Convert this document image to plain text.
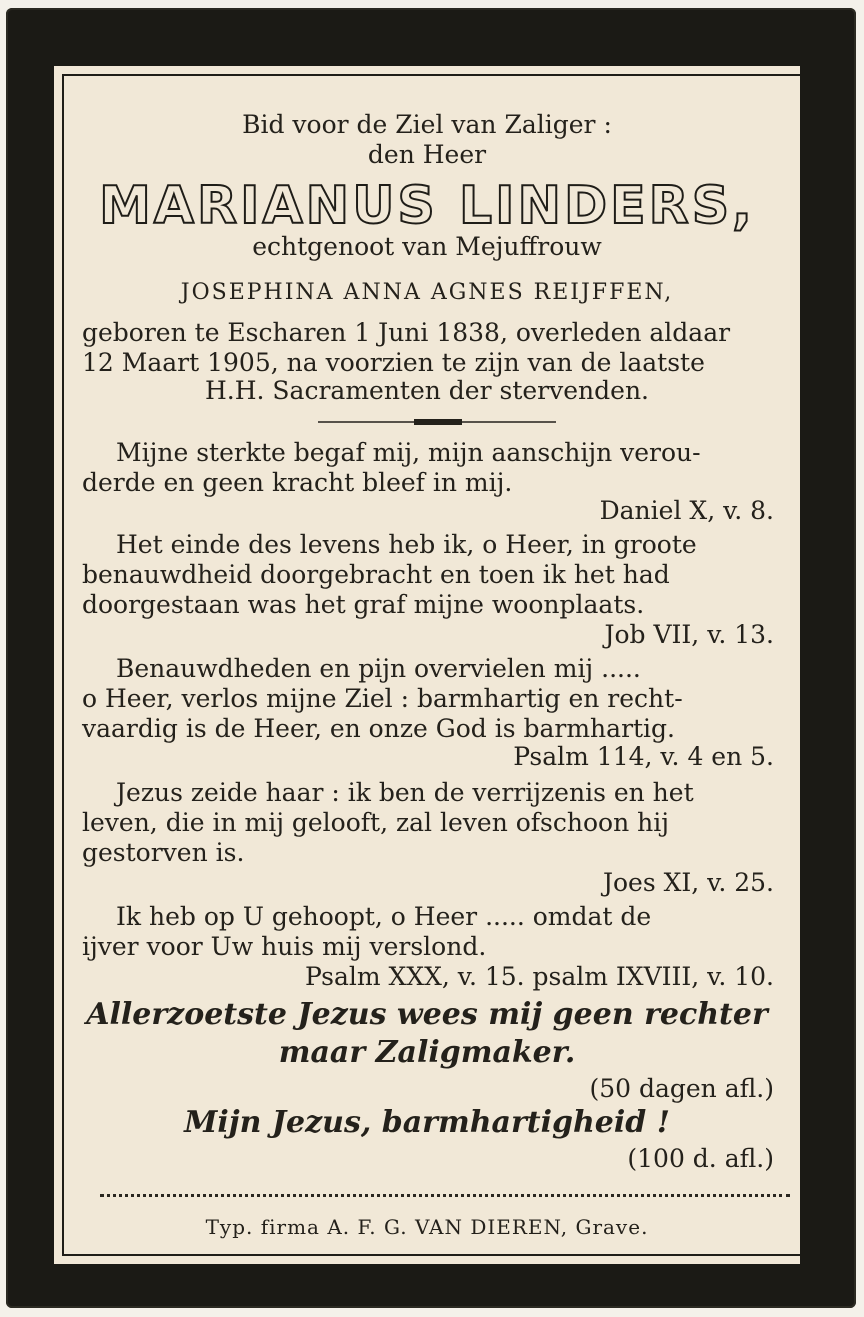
Bid voor de Ziel van Zaliger :
den Heer
MARIANUS LINDERS,
echtgenoot van Mejuffrouw
JOSEPHINA ANNA AGNES REIJFFEN,
geboren te Escharen 1 Juni 1838, overleden aldaar
12 Maart 1905, na voorzien te zijn van de laatste
H.H. Sacramenten der stervenden.
Mijne sterkte begaf mij, mijn aanschijn verou-
derde en geen kracht bleef in mij.
Daniel X, v. 8.
Het einde des levens heb ik, o Heer, in groote
benauwdheid doorgebracht en toen ik het had
doorgestaan was het graf mijne woonplaats.
Job VII, v. 13.
Benauwdheden en pijn overvielen mij .....
o Heer, verlos mijne Ziel : barmhartig en recht-
vaardig is de Heer, en onze God is barmhartig.
Psalm 114, v. 4 en 5.
Jezus zeide haar : ik ben de verrijzenis en het
leven, die in mij gelooft, zal leven ofschoon hij
gestorven is.
Joes XI, v. 25.
Ik heb op U gehoopt, o Heer ..... omdat de
ijver voor Uw huis mij verslond.
Psalm XXX, v. 15. psalm IXVIII, v. 10.
Allerzoetste Jezus wees mij geen rechter
maar Zaligmaker.
(50 dagen afl.)
Mijn Jezus, barmhartigheid !
(100 d. afl.)
Typ. firma A. F. G. VAN DIEREN, Grave.
